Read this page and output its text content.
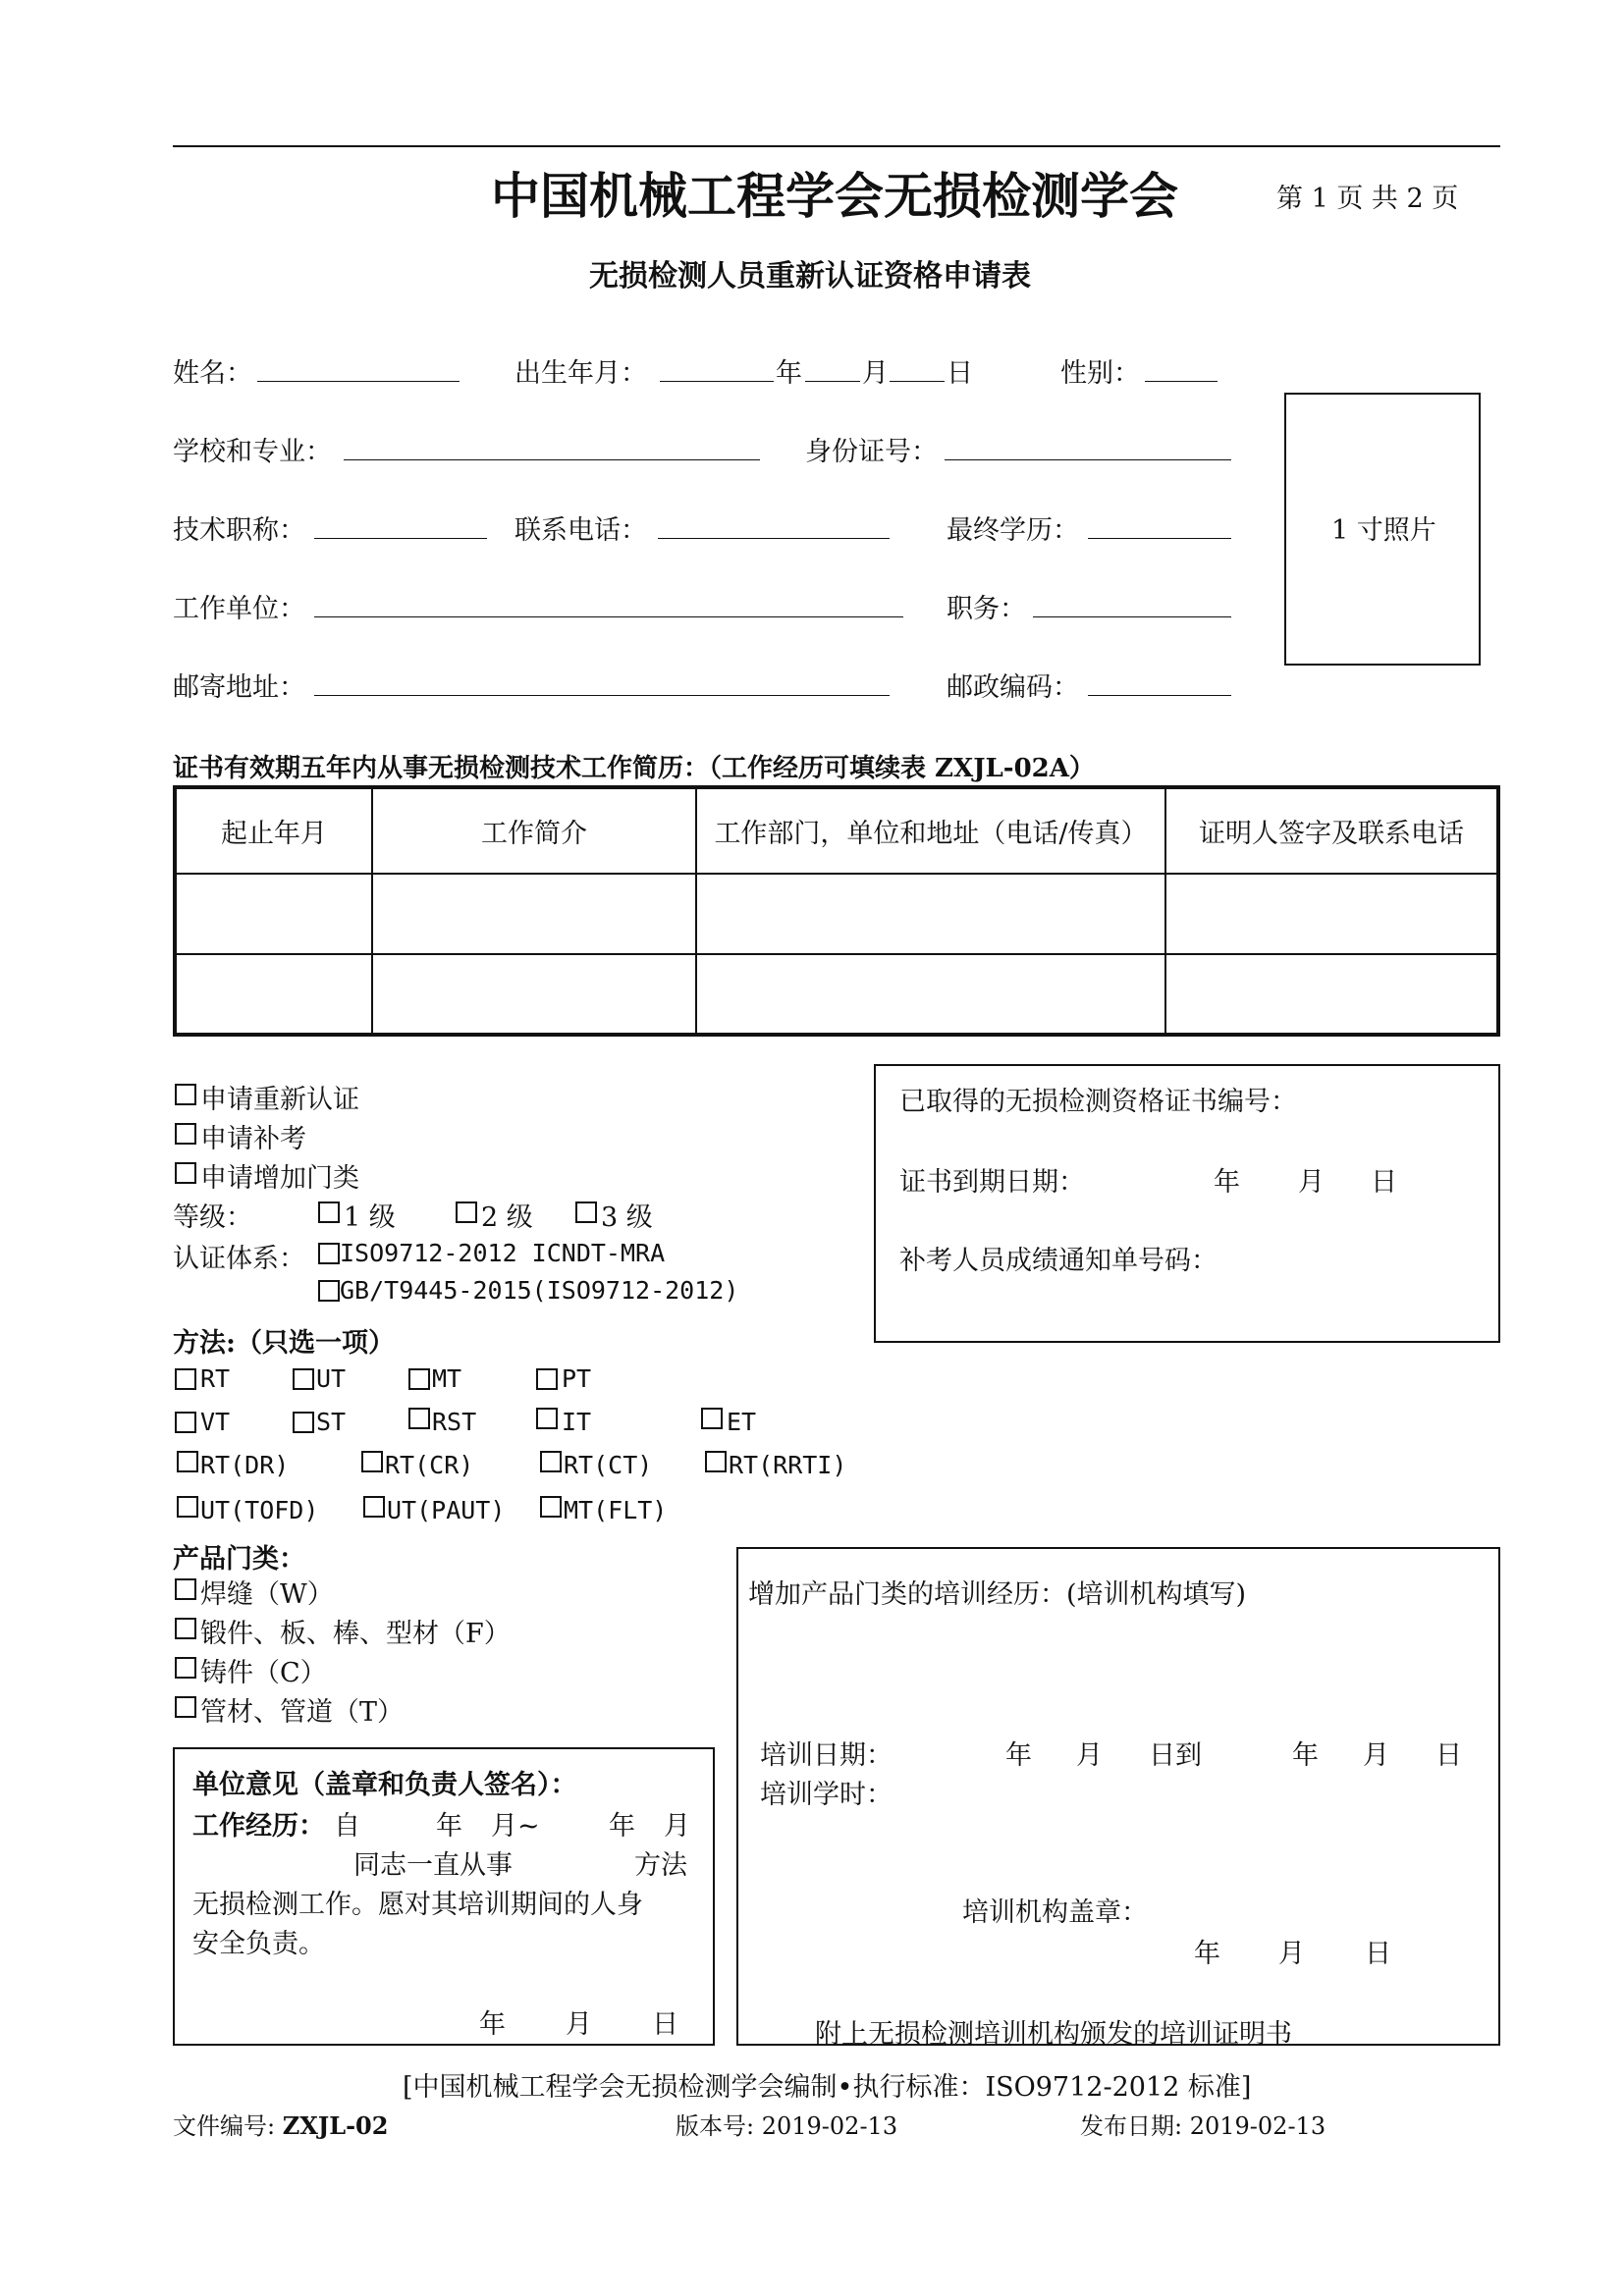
中国机械工程学会无损检测学会	第 1 页 共 2 页
无损检测人员重新认证资格申请表
姓名：	出生年月：	年 月 日	性别：
学校和专业：	身份证号：
技术职称：	联系电话：	最终学历：
工作单位：	职务：
邮寄地址：	邮政编码：
1 寸照片
证书有效期五年内从事无损检测技术工作简历：（工作经历可填续表 ZXJL-02A）
起止年月	工作简介	工作部门，单位和地址（电话/传真）	证明人签字及联系电话

申请重新认证
申请补考
申请增加门类
等级：	1 级	2 级	3 级
认证体系： ISO9712-2012 ICNDT-MRA
GB/T9445-2015(ISO9712-2012)
已取得的无损检测资格证书编号：
证书到期日期：	年 月 日
补考人员成绩通知单号码：
方法:（只选一项）
RT	UT	MT	PT
VT	ST	RST	IT	ET
RT(DR)	RT(CR)	RT(CT)	RT(RRTI)
UT(TOFD)	UT(PAUT) MT(FLT)
产品门类：
焊缝（W）
锻件、板、棒、型材（F）
铸件（C）
管材、管道（T）
增加产品门类的培训经历：(培训机构填写)
培训日期：	年 月 日到	年 月 日
培训学时：
培训机构盖章：
年 月 日
附上无损检测培训机构颁发的培训证明书
单位意见（盖章和负责人签名）：
工作经历： 自	年 月~	年 月
同志一直从事	方法
无损检测工作。愿对其培训期间的人身
安全负责。
年 月 日
[中国机械工程学会无损检测学会编制•执行标准：ISO9712-2012 标准]
文件编号: ZXJL-02	版本号: 2019-02-13	发布日期: 2019-02-13
